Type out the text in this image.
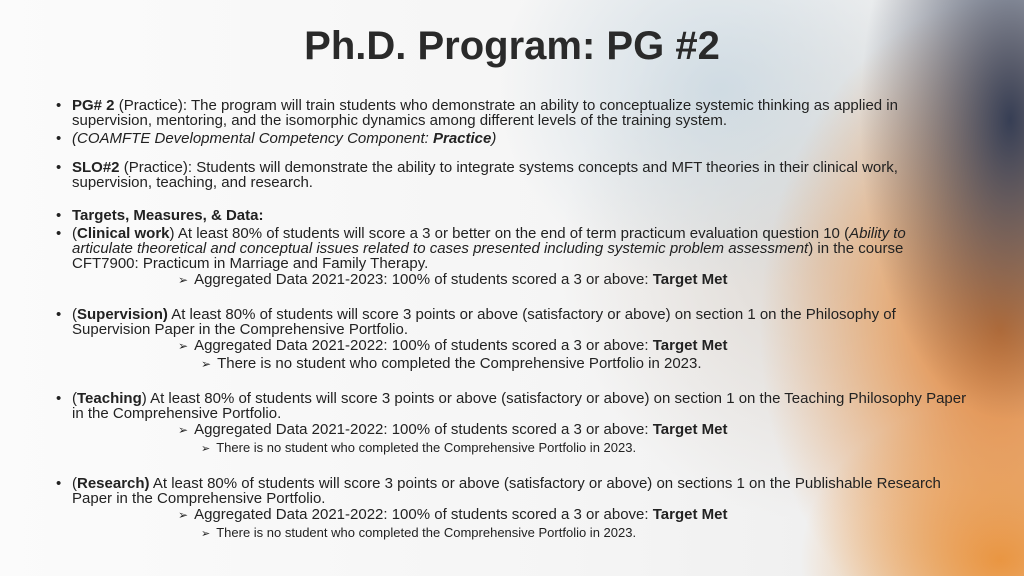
Ph.D. Program: PG #2
• PG# 2 (Practice): The program will train students who demonstrate an ability to conceptualize systemic thinking as applied in supervision, mentoring, and the isomorphic dynamics among different levels of the training system.
• (COAMFTE Developmental Competency Component: Practice)
• SLO#2 (Practice): Students will demonstrate the ability to integrate systems concepts and MFT theories in their clinical work, supervision, teaching, and research.
• Targets, Measures, & Data:
• (Clinical work) At least 80% of students will score a 3 or better on the end of term practicum evaluation question 10 (Ability to articulate theoretical and conceptual issues related to cases presented including systemic problem assessment) in the course CFT7900: Practicum in Marriage and Family Therapy.
➢ Aggregated Data 2021-2023: 100% of students scored a 3 or above: Target Met
• (Supervision) At least 80% of students will score 3 points or above (satisfactory or above) on section 1 on the Philosophy of Supervision Paper in the Comprehensive Portfolio.
➢ Aggregated Data 2021-2022: 100% of students scored a 3 or above: Target Met
➢ There is no student who completed the Comprehensive Portfolio in 2023.
• (Teaching) At least 80% of students will score 3 points or above (satisfactory or above) on section 1 on the Teaching Philosophy Paper in the Comprehensive Portfolio.
➢ Aggregated Data 2021-2022: 100% of students scored a 3 or above: Target Met
➢ There is no student who completed the Comprehensive Portfolio in 2023.
• (Research) At least 80% of students will score 3 points or above (satisfactory or above) on sections 1 on the Publishable Research Paper in the Comprehensive Portfolio.
➢ Aggregated Data 2021-2022: 100% of students scored a 3 or above: Target Met
➢ There is no student who completed the Comprehensive Portfolio in 2023.
